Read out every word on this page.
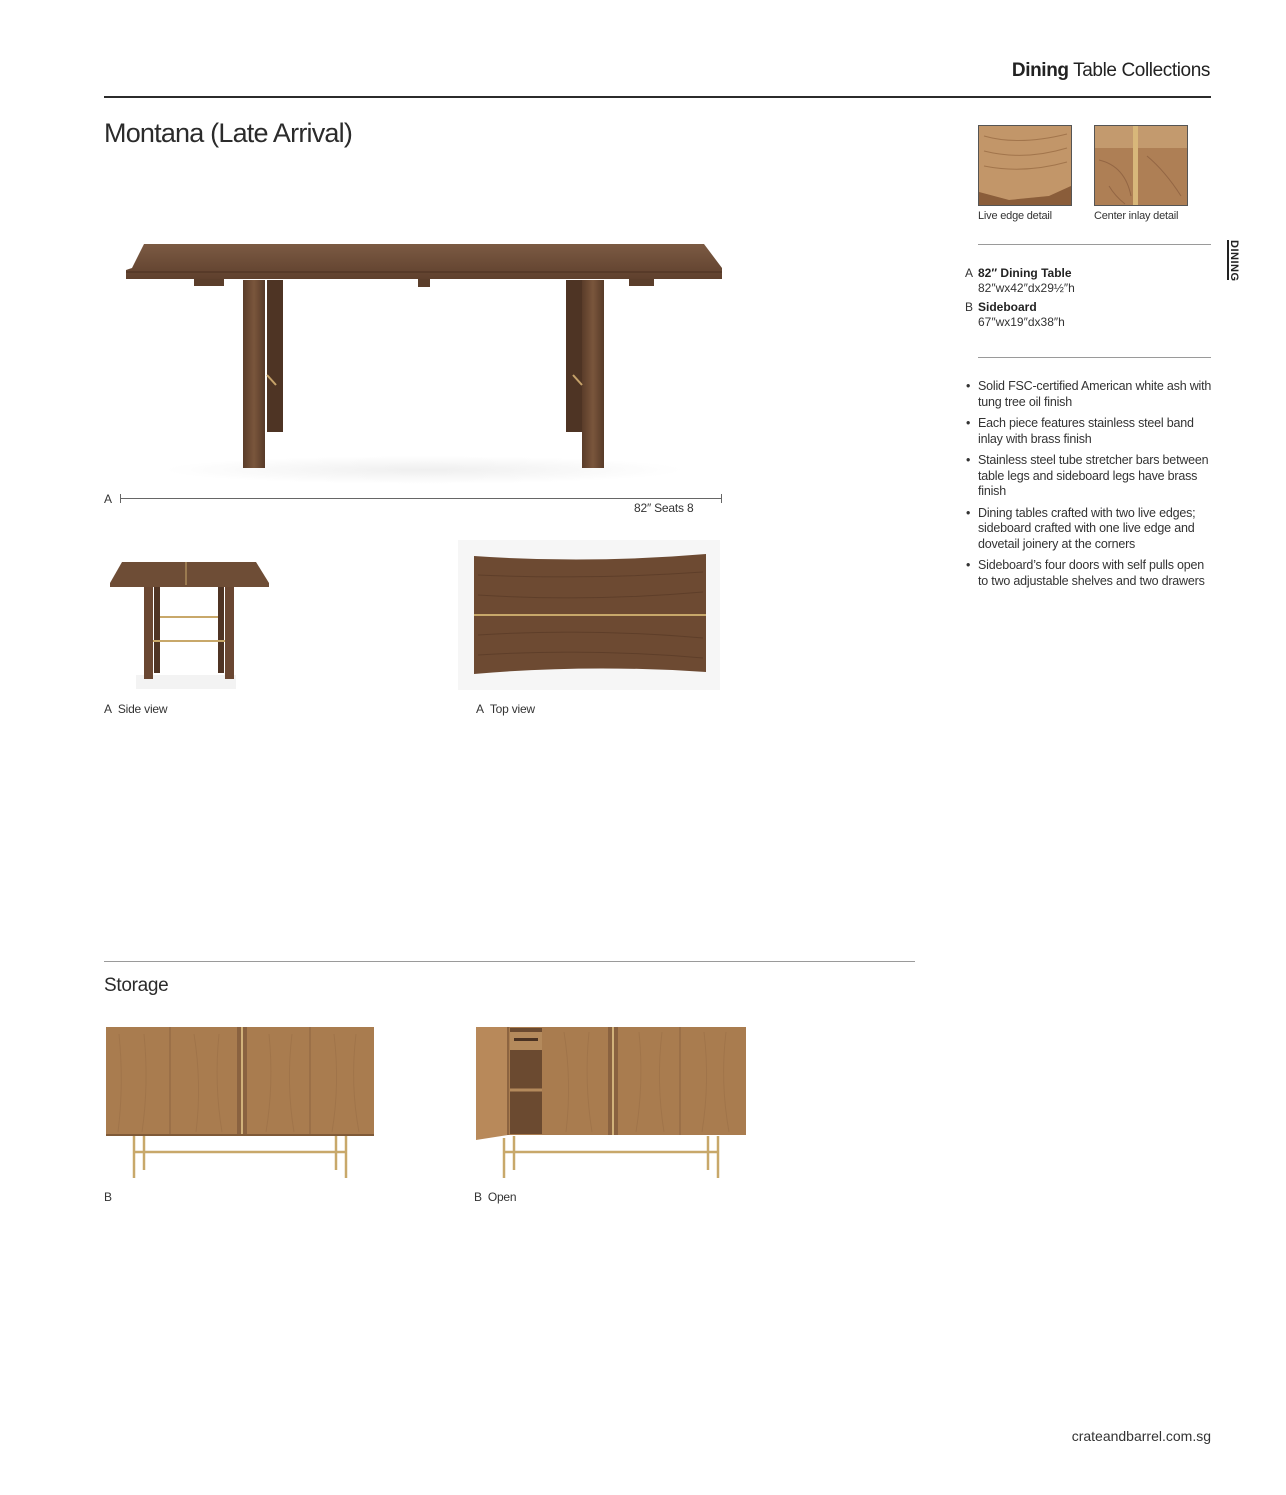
Dining Table Collections
Montana (Late Arrival)
A
82″ Seats 8
A Side view	A Top view
Live edge detail	Center inlay detail
DINING
A 82″ Dining Table
82″wx42″dx29½″h
B Sideboard
67″wx19″dx38″h
• Solid FSC-certified American white ash with tung tree oil finish
• Each piece features stainless steel band inlay with brass finish
• Stainless steel tube stretcher bars between table legs and sideboard legs have brass finish
• Dining tables crafted with two live edges; sideboard crafted with one live edge and dovetail joinery at the corners
• Sideboard’s four doors with self pulls open to two adjustable shelves and two drawers
Storage
B	B Open
crateandbarrel.com.sg
